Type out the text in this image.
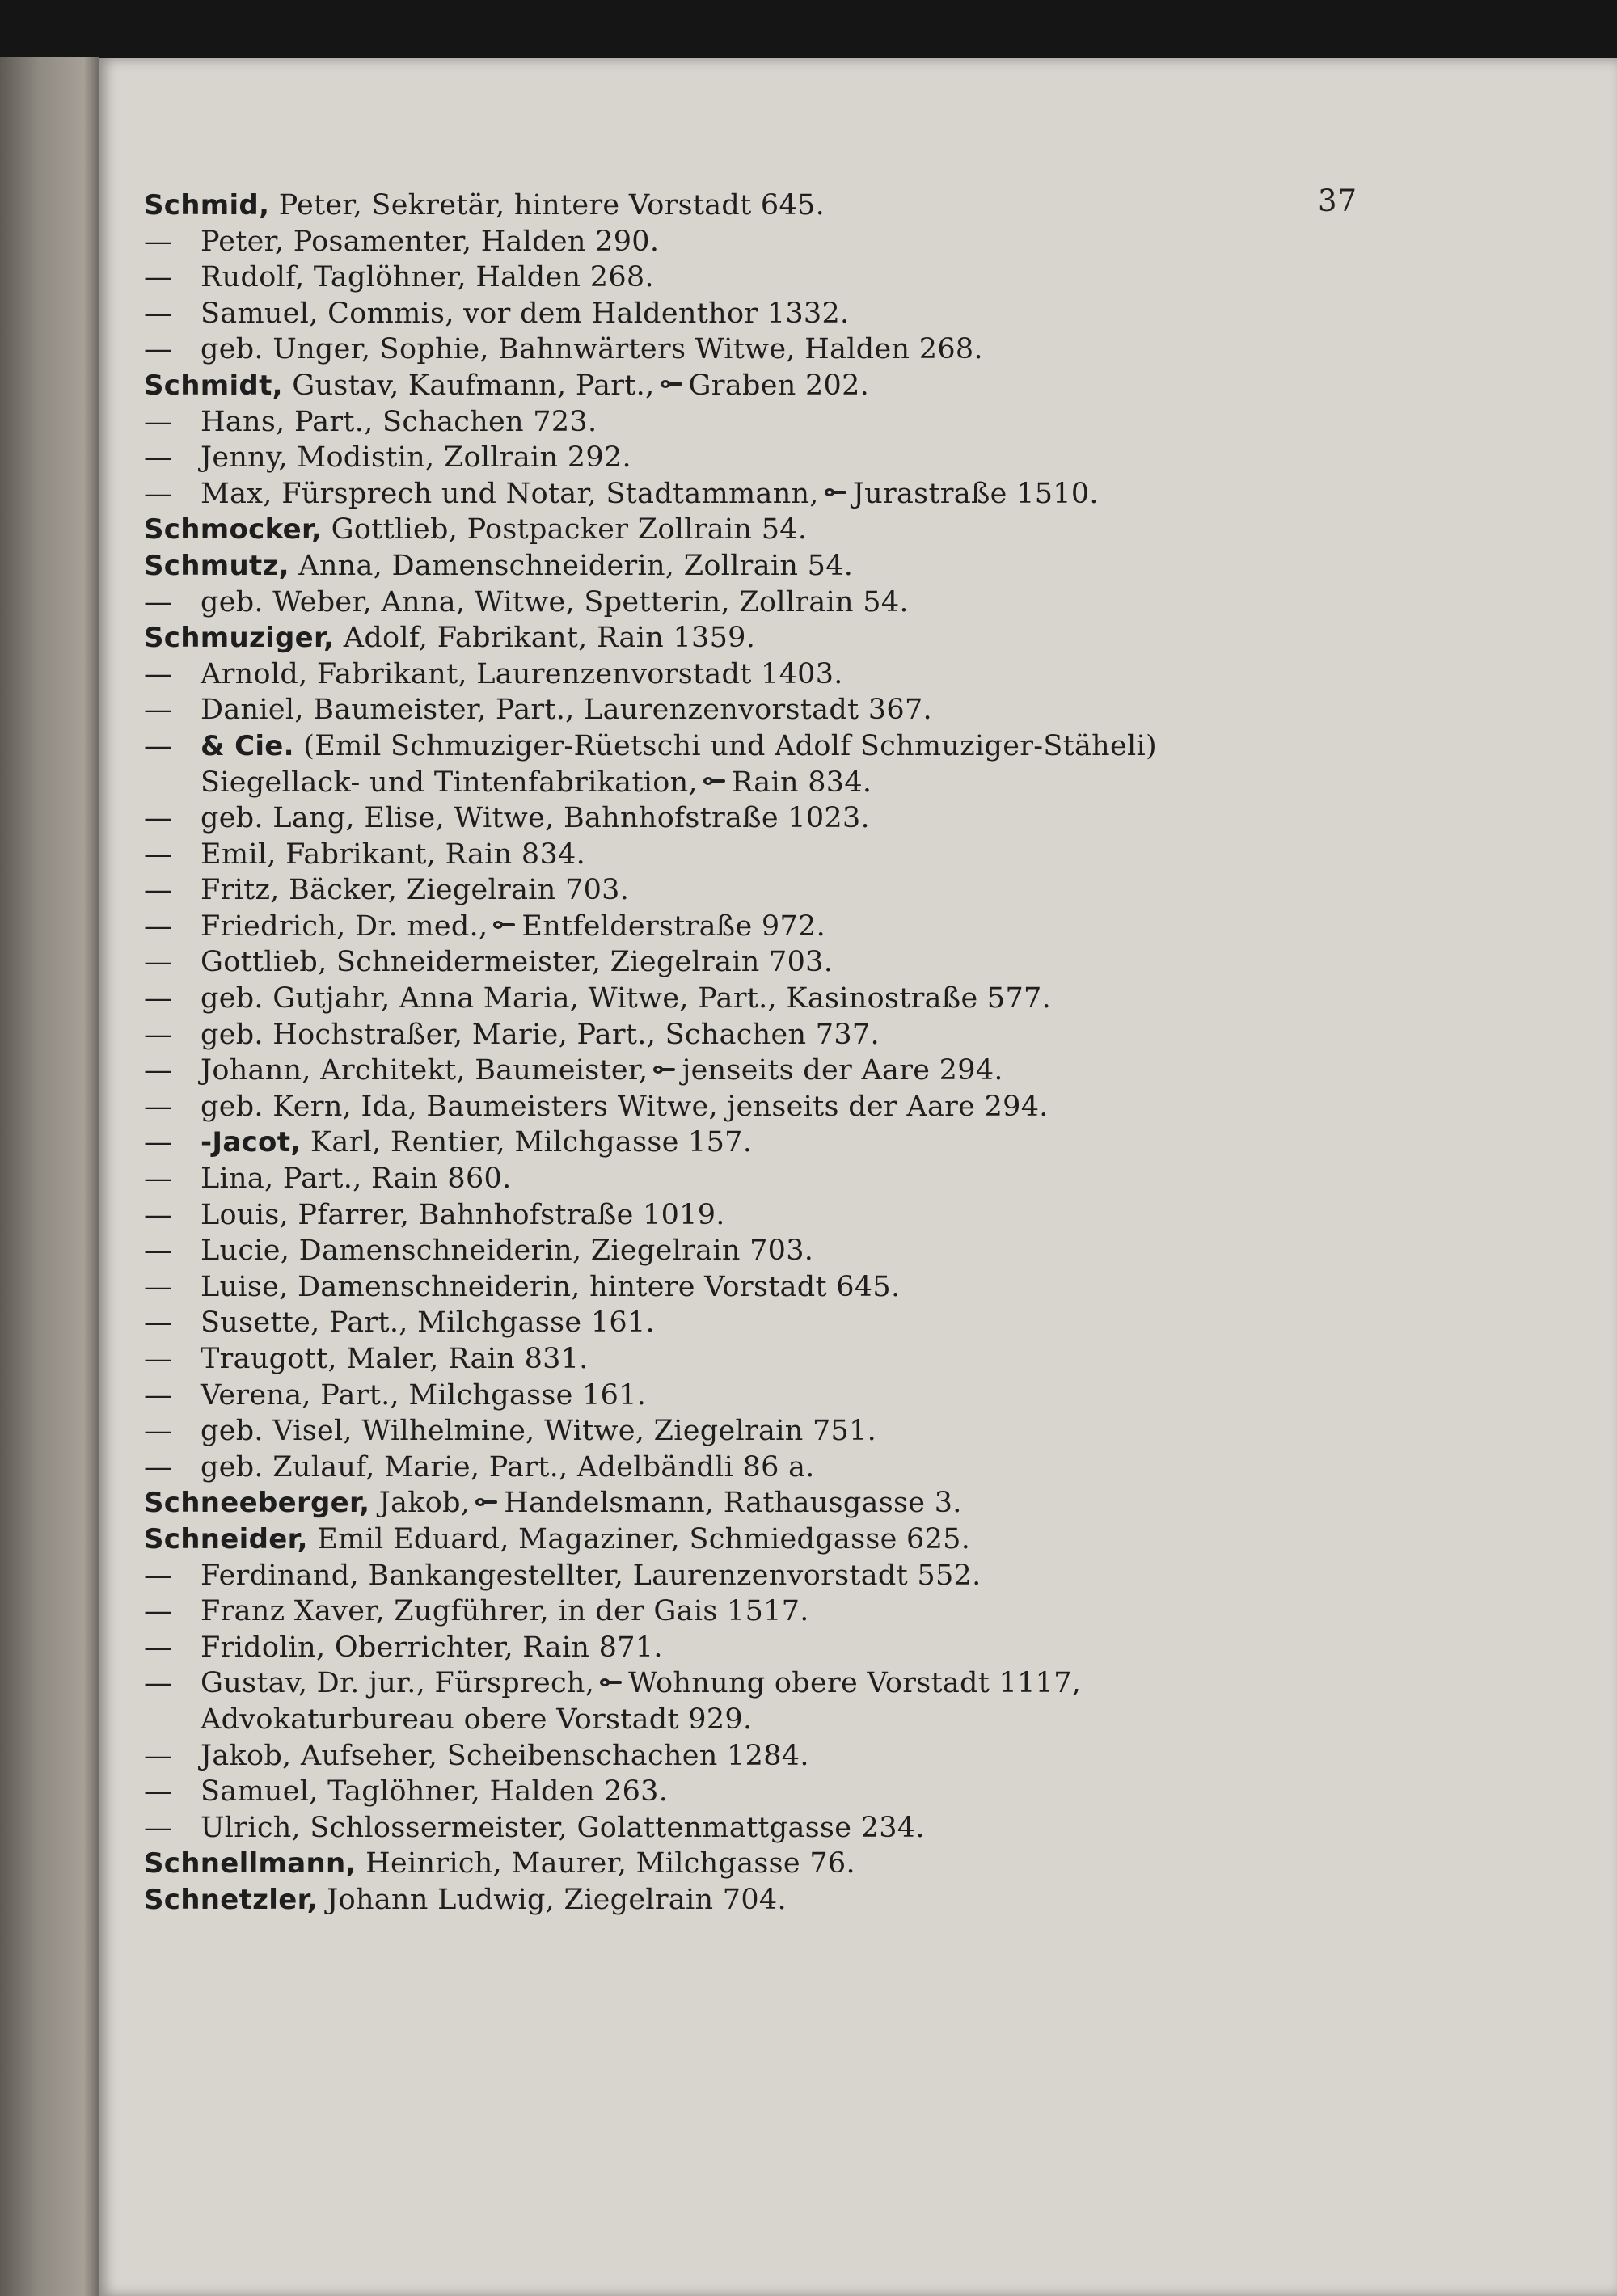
37
Schmid, Peter, Sekretär, hintere Vorstadt 645.
— Peter, Posamenter, Halden 290.
— Rudolf, Taglöhner, Halden 268.
— Samuel, Commis, vor dem Haldenthor 1332.
— geb. Unger, Sophie, Bahnwärters Witwe, Halden 268.
Schmidt, Gustav, Kaufmann, Part., Graben 202.
— Hans, Part., Schachen 723.
— Jenny, Modistin, Zollrain 292.
— Max, Fürsprech und Notar, Stadtammann, Jurastraße 1510.
Schmocker, Gottlieb, Postpacker Zollrain 54.
Schmutz, Anna, Damenschneiderin, Zollrain 54.
— geb. Weber, Anna, Witwe, Spetterin, Zollrain 54.
Schmuziger, Adolf, Fabrikant, Rain 1359.
— Arnold, Fabrikant, Laurenzenvorstadt 1403.
— Daniel, Baumeister, Part., Laurenzenvorstadt 367.
— & Cie. (Emil Schmuziger-Rüetschi und Adolf Schmuziger-Stäheli)
Siegellack- und Tintenfabrikation, Rain 834.
— geb. Lang, Elise, Witwe, Bahnhofstraße 1023.
— Emil, Fabrikant, Rain 834.
— Fritz, Bäcker, Ziegelrain 703.
— Friedrich, Dr. med., Entfelderstraße 972.
— Gottlieb, Schneidermeister, Ziegelrain 703.
— geb. Gutjahr, Anna Maria, Witwe, Part., Kasinostraße 577.
— geb. Hochstraßer, Marie, Part., Schachen 737.
— Johann, Architekt, Baumeister, jenseits der Aare 294.
— geb. Kern, Ida, Baumeisters Witwe, jenseits der Aare 294.
— -Jacot, Karl, Rentier, Milchgasse 157.
— Lina, Part., Rain 860.
— Louis, Pfarrer, Bahnhofstraße 1019.
— Lucie, Damenschneiderin, Ziegelrain 703.
— Luise, Damenschneiderin, hintere Vorstadt 645.
— Susette, Part., Milchgasse 161.
— Traugott, Maler, Rain 831.
— Verena, Part., Milchgasse 161.
— geb. Visel, Wilhelmine, Witwe, Ziegelrain 751.
— geb. Zulauf, Marie, Part., Adelbändli 86 a.
Schneeberger, Jakob, Handelsmann, Rathausgasse 3.
Schneider, Emil Eduard, Magaziner, Schmiedgasse 625.
— Ferdinand, Bankangestellter, Laurenzenvorstadt 552.
— Franz Xaver, Zugführer, in der Gais 1517.
— Fridolin, Oberrichter, Rain 871.
— Gustav, Dr. jur., Fürsprech, Wohnung obere Vorstadt 1117,
Advokaturbureau obere Vorstadt 929.
— Jakob, Aufseher, Scheibenschachen 1284.
— Samuel, Taglöhner, Halden 263.
— Ulrich, Schlossermeister, Golattenmattgasse 234.
Schnellmann, Heinrich, Maurer, Milchgasse 76.
Schnetzler, Johann Ludwig, Ziegelrain 704.
